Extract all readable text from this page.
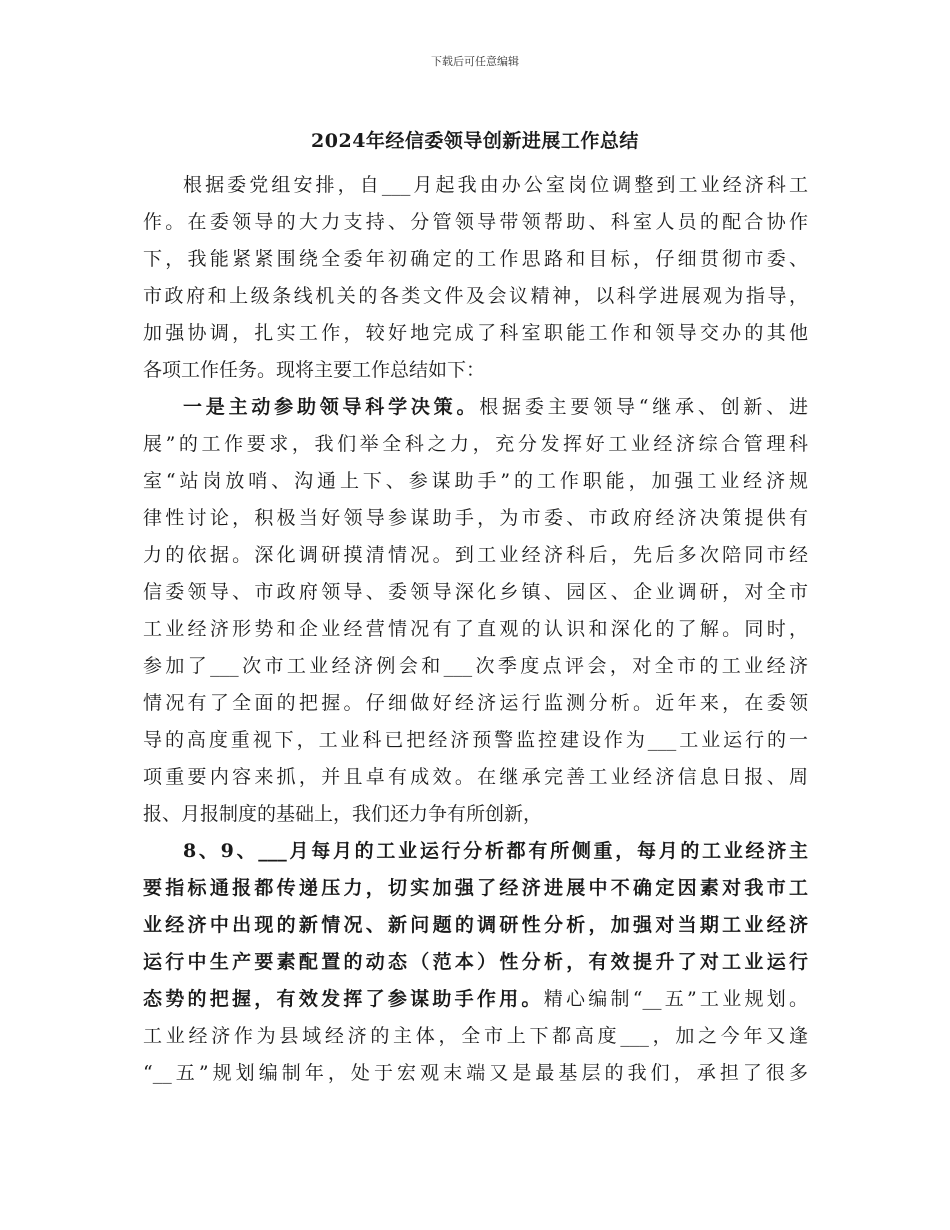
下载后可任意编辑
2024年经信委领导创新进展工作总结
根据委党组安排，自___月起我由办公室岗位调整到工业经济科工
作。在委领导的大力支持、分管领导带领帮助、科室人员的配合协作
下，我能紧紧围绕全委年初确定的工作思路和目标，仔细贯彻市委、
市政府和上级条线机关的各类文件及会议精神，以科学进展观为指导，
加强协调，扎实工作，较好地完成了科室职能工作和领导交办的其他
各项工作任务。现将主要工作总结如下：
一是主动参助领导科学决策。根据委主要领导“继承、创新、进
展”的工作要求，我们举全科之力，充分发挥好工业经济综合管理科
室“站岗放哨、沟通上下、参谋助手”的工作职能，加强工业经济规
律性讨论，积极当好领导参谋助手，为市委、市政府经济决策提供有
力的依据。深化调研摸清情况。到工业经济科后，先后多次陪同市经
信委领导、市政府领导、委领导深化乡镇、园区、企业调研，对全市
工业经济形势和企业经营情况有了直观的认识和深化的了解。同时，
参加了___次市工业经济例会和___次季度点评会，对全市的工业经济
情况有了全面的把握。仔细做好经济运行监测分析。近年来，在委领
导的高度重视下，工业科已把经济预警监控建设作为___工业运行的一
项重要内容来抓，并且卓有成效。在继承完善工业经济信息日报、周
报、月报制度的基础上，我们还力争有所创新，
8、9、___月每月的工业运行分析都有所侧重，每月的工业经济主
要指标通报都传递压力，切实加强了经济进展中不确定因素对我市工
业经济中出现的新情况、新问题的调研性分析，加强对当期工业经济
运行中生产要素配置的动态（范本）性分析，有效提升了对工业运行
态势的把握，有效发挥了参谋助手作用。精心编制“__五”工业规划。
工业经济作为县域经济的主体，全市上下都高度___，加之今年又逢
“__五”规划编制年，处于宏观末端又是最基层的我们，承担了很多
